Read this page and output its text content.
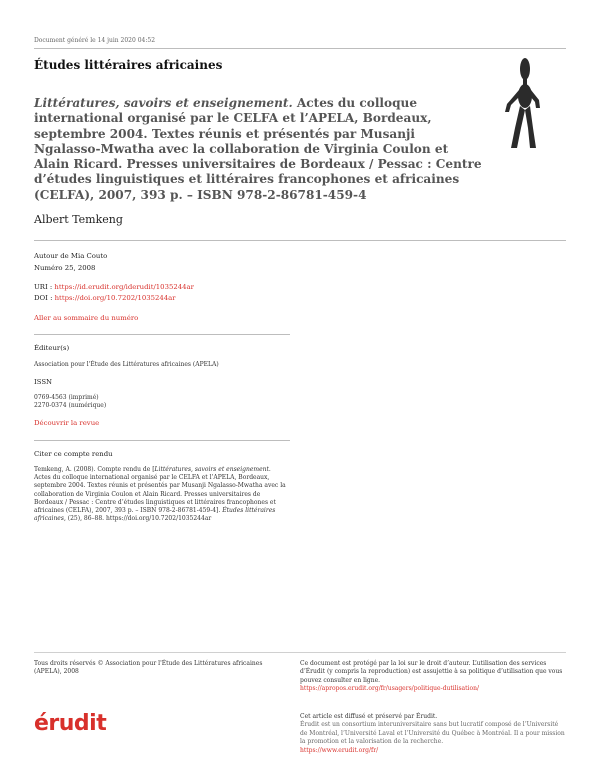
Document généré le 14 juin 2020 04:52
Études littéraires africaines
Littératures, savoirs et enseignement. Actes du colloque international organisé par le CELFA et l’APELA, Bordeaux, septembre 2004. Textes réunis et présentés par Musanji Ngalasso-Mwatha avec la collaboration de Virginia Coulon et Alain Ricard. Presses universitaires de Bordeaux / Pessac : Centre d’études linguistiques et littéraires francophones et africaines (CELFA), 2007, 393 p. – ISBN 978-2-86781-459-4
Albert Temkeng
Autour de Mia Couto
Numéro 25, 2008
URI : https://id.erudit.org/iderudit/1035244ar
DOI : https://doi.org/10.7202/1035244ar
Aller au sommaire du numéro
Éditeur(s)
Association pour l'Étude des Littératures africaines (APELA)
ISSN
0769-4563 (imprimé)
2270-0374 (numérique)
Découvrir la revue
Citer ce compte rendu
Temkeng, A. (2008). Compte rendu de [Littératures, savoirs et enseignement. Actes du colloque international organisé par le CELFA et l’APELA, Bordeaux, septembre 2004. Textes réunis et présentés par Musanji Ngalasso-Mwatha avec la collaboration de Virginia Coulon et Alain Ricard. Presses universitaires de Bordeaux / Pessac : Centre d’études linguistiques et littéraires francophones et africaines (CELFA), 2007, 393 p. – ISBN 978-2-86781-459-4]. Études littéraires africaines, (25), 86–88. https://doi.org/10.7202/1035244ar
Tous droits réservés © Association pour l'Étude des Littératures africaines (APELA), 2008
Ce document est protégé par la loi sur le droit d’auteur. L’utilisation des services d’Érudit (y compris la reproduction) est assujettie à sa politique d’utilisation que vous pouvez consulter en ligne.
https://apropos.erudit.org/fr/usagers/politique-dutilisation/
érudit	Cet article est diffusé et préservé par Érudit.
Érudit est un consortium interuniversitaire sans but lucratif composé de l’Université de Montréal, l’Université Laval et l’Université du Québec à Montréal. Il a pour mission la promotion et la valorisation de la recherche.
https://www.erudit.org/fr/
